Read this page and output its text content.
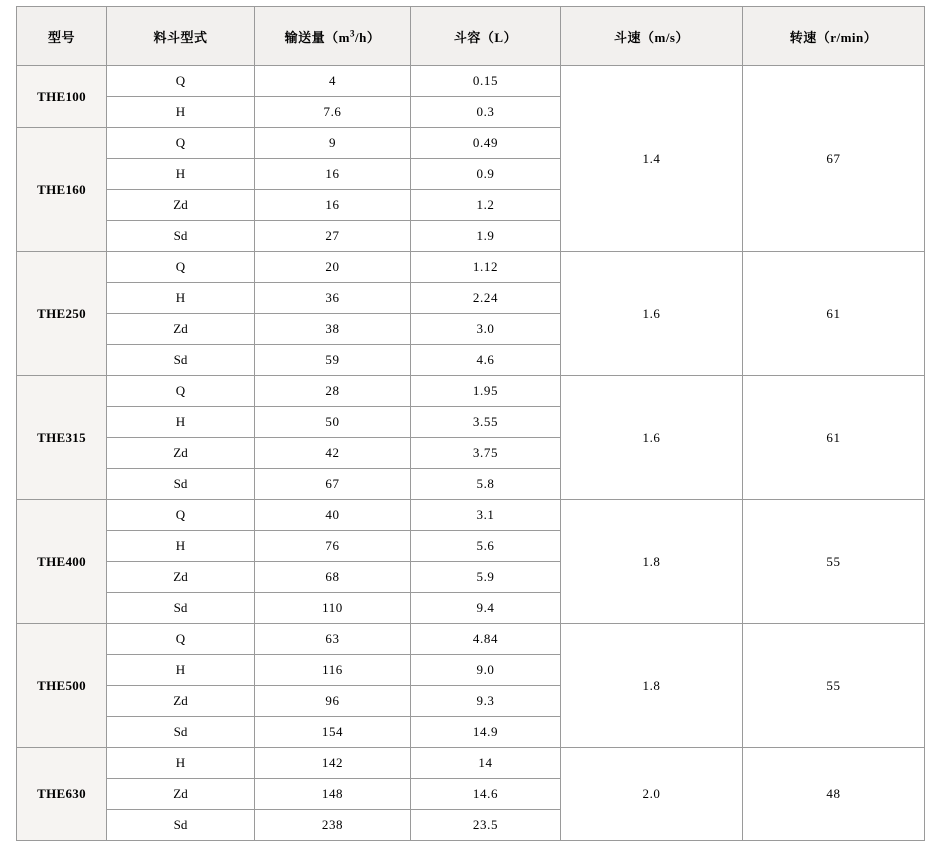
型号	料斗型式	输送量$(m^3/h)$	斗容（L）	斗速（m/s）	转速（r/min）
THE100	Q	4	0.15	1.4	67
	H	7.6	0.3		
THE160	Q	9	0.49		
	H	16	0.9		
	Zd	16	1.2		
	Sd	27	1.9		
THE250	Q	20	1.12	1.6	61
	H	36	2.24		
	Zd	38	3.0		
	Sd	59	4.6		
THE315	Q	28	1.95	1.6	61
	H	50	3.55		
	Zd	42	3.75		
	Sd	67	5.8		
THE400	Q	40	3.1	1.8	55
	H	76	5.6		
	Zd	68	5.9		
	Sd	110	9.4		
THE500	Q	63	4.84	1.8	55
	H	116	9.0		
	Zd	96	9.3		
	Sd	154	14.9		
THE630	H	142	14	2.0	48
	Zd	148	14.6		
	Sd	238	23.5		
